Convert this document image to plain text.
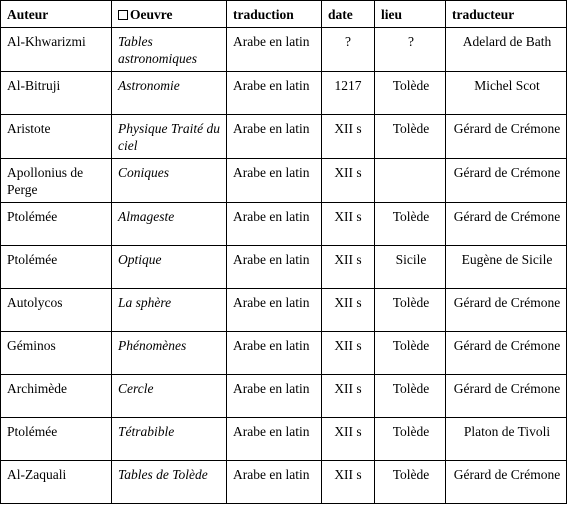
Auteur	Oeuvre	traduction	date	lieu	traducteur
Al-Khwarizmi	Tables astronomiques	Arabe en latin	?	?	Adelard de Bath
Al-Bitruji	Astronomie	Arabe en latin	1217	Tolède	Michel Scot
Aristote	Physique Traité du ciel	Arabe en latin	XII s	Tolède	Gérard de Crémone
Apollonius de Perge	Coniques	Arabe en latin	XII s		Gérard de Crémone
Ptolémée	Almageste	Arabe en latin	XII s	Tolède	Gérard de Crémone
Ptolémée	Optique	Arabe en latin	XII s	Sicile	Eugène de Sicile
Autolycos	La sphère	Arabe en latin	XII s	Tolède	Gérard de Crémone
Géminos	Phénomènes	Arabe en latin	XII s	Tolède	Gérard de Crémone
Archimède	Cercle	Arabe en latin	XII s	Tolède	Gérard de Crémone
Ptolémée	Tétrabible	Arabe en latin	XII s	Tolède	Platon de Tivoli
Al-Zaquali	Tables de Tolède	Arabe en latin	XII s	Tolède	Gérard de Crémone
